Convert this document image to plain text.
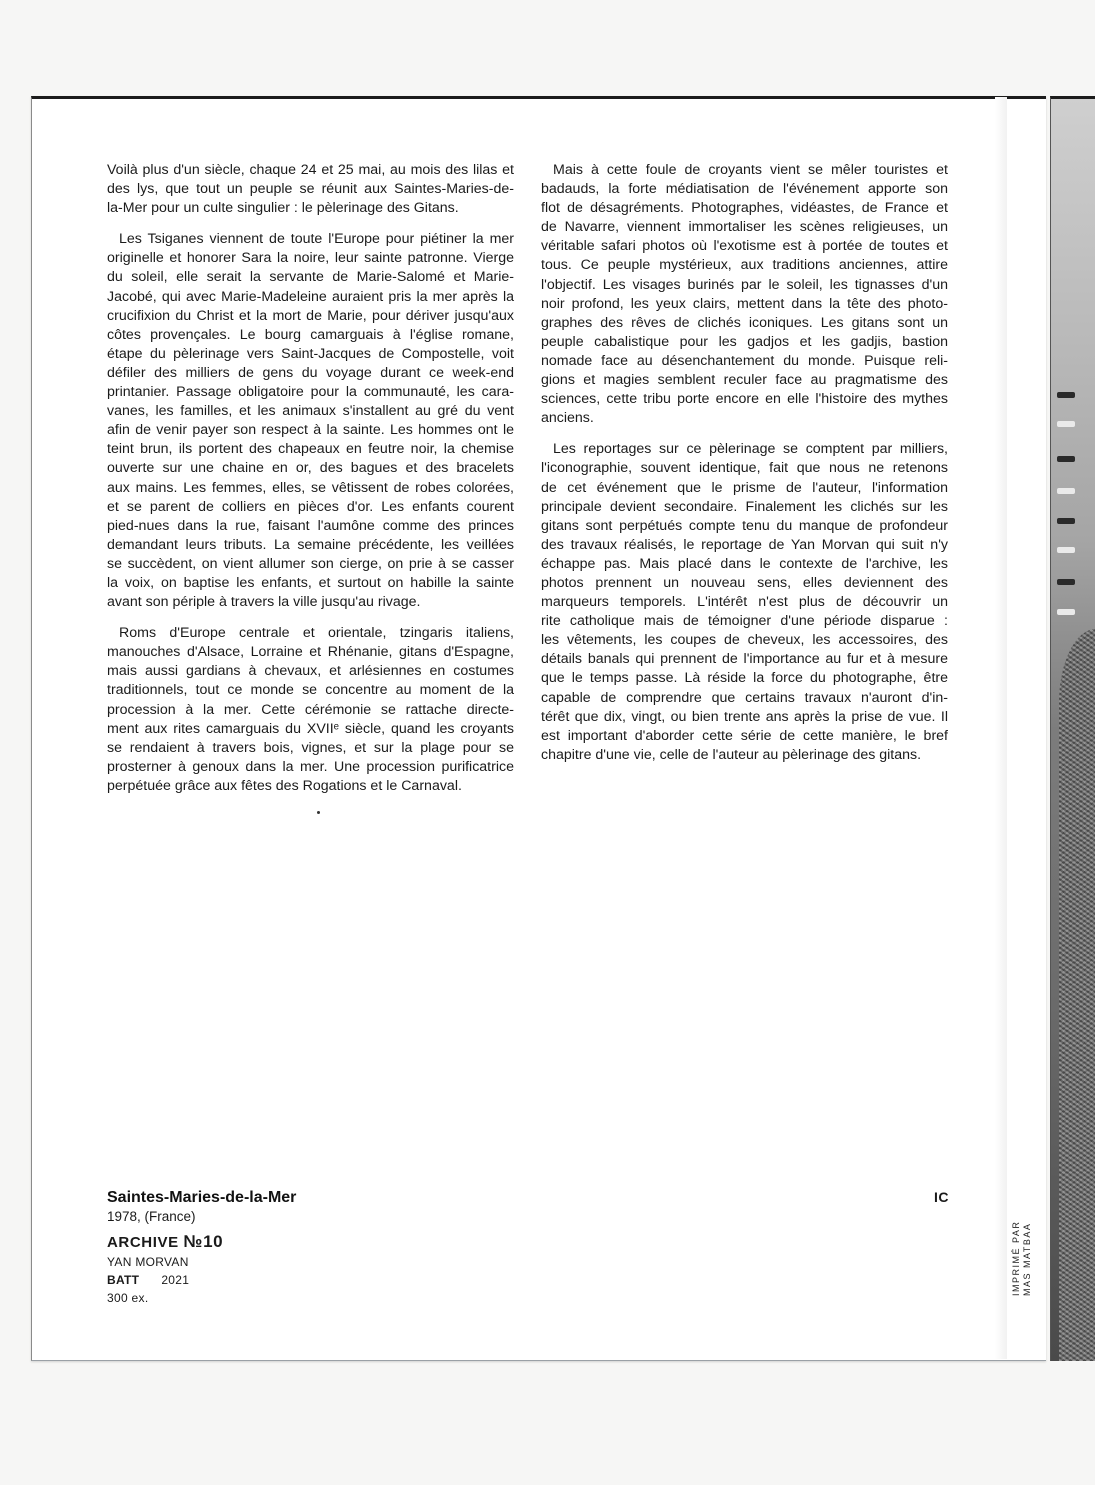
Voilà plus d'un siècle, chaque 24 et 25 mai, au mois des lilas et
des lys, que tout un peuple se réunit aux Saintes-Maries-de-
la-Mer pour un culte singulier : le pèlerinage des Gitans.
Les Tsiganes viennent de toute l'Europe pour piétiner la mer
originelle et honorer Sara la noire, leur sainte patronne. Vierge
du soleil, elle serait la servante de Marie-Salomé et Marie-
Jacobé, qui avec Marie-Madeleine auraient pris la mer après la
crucifixion du Christ et la mort de Marie, pour dériver jusqu'aux
côtes provençales. Le bourg camarguais à l'église romane,
étape du pèlerinage vers Saint-Jacques de Compostelle, voit
défiler des milliers de gens du voyage durant ce week-end
printanier. Passage obligatoire pour la communauté, les cara-
vanes, les familles, et les animaux s'installent au gré du vent
afin de venir payer son respect à la sainte. Les hommes ont le
teint brun, ils portent des chapeaux en feutre noir, la chemise
ouverte sur une chaine en or, des bagues et des bracelets
aux mains. Les femmes, elles, se vêtissent de robes colorées,
et se parent de colliers en pièces d'or. Les enfants courent
pied-nues dans la rue, faisant l'aumône comme des princes
demandant leurs tributs. La semaine précédente, les veillées
se succèdent, on vient allumer son cierge, on prie à se casser
la voix, on baptise les enfants, et surtout on habille la sainte
avant son périple à travers la ville jusqu'au rivage.
Roms d'Europe centrale et orientale, tzingaris italiens,
manouches d'Alsace, Lorraine et Rhénanie, gitans d'Espagne,
mais aussi gardians à chevaux, et arlésiennes en costumes
traditionnels, tout ce monde se concentre au moment de la
procession à la mer. Cette cérémonie se rattache directe-
ment aux rites camarguais du XVIIᵉ siècle, quand les croyants
se rendaient à travers bois, vignes, et sur la plage pour se
prosterner à genoux dans la mer. Une procession purificatrice
perpétuée grâce aux fêtes des Rogations et le Carnaval.
Mais à cette foule de croyants vient se mêler touristes et
badauds, la forte médiatisation de l'événement apporte son
flot de désagréments. Photographes, vidéastes, de France et
de Navarre, viennent immortaliser les scènes religieuses, un
véritable safari photos où l'exotisme est à portée de toutes et
tous. Ce peuple mystérieux, aux traditions anciennes, attire
l'objectif. Les visages burinés par le soleil, les tignasses d'un
noir profond, les yeux clairs, mettent dans la tête des photo-
graphes des rêves de clichés iconiques. Les gitans sont un
peuple cabalistique pour les gadjos et les gadjis, bastion
nomade face au désenchantement du monde. Puisque reli-
gions et magies semblent reculer face au pragmatisme des
sciences, cette tribu porte encore en elle l'histoire des mythes
anciens.
Les reportages sur ce pèlerinage se comptent par milliers,
l'iconographie, souvent identique, fait que nous ne retenons
de cet événement que le prisme de l'auteur, l'information
principale devient secondaire. Finalement les clichés sur les
gitans sont perpétués compte tenu du manque de profondeur
des travaux réalisés, le reportage de Yan Morvan qui suit n'y
échappe pas. Mais placé dans le contexte de l'archive, les
photos prennent un nouveau sens, elles deviennent des
marqueurs temporels. L'intérêt n'est plus de découvrir un
rite catholique mais de témoigner d'une période disparue :
les vêtements, les coupes de cheveux, les accessoires, des
détails banals qui prennent de l'importance au fur et à mesure
que le temps passe. Là réside la force du photographe, être
capable de comprendre que certains travaux n'auront d'in-
térêt que dix, vingt, ou bien trente ans après la prise de vue. Il
est important d'aborder cette série de cette manière, le bref
chapitre d'une vie, celle de l'auteur au pèlerinage des gitans.
Saintes-Maries-de-la-Mer
1978, (France)
ARCHIVE №10
YAN MORVAN
BATT 2021
300 ex.
IC
IMPRIMÉ PAR MAS MATBAA
